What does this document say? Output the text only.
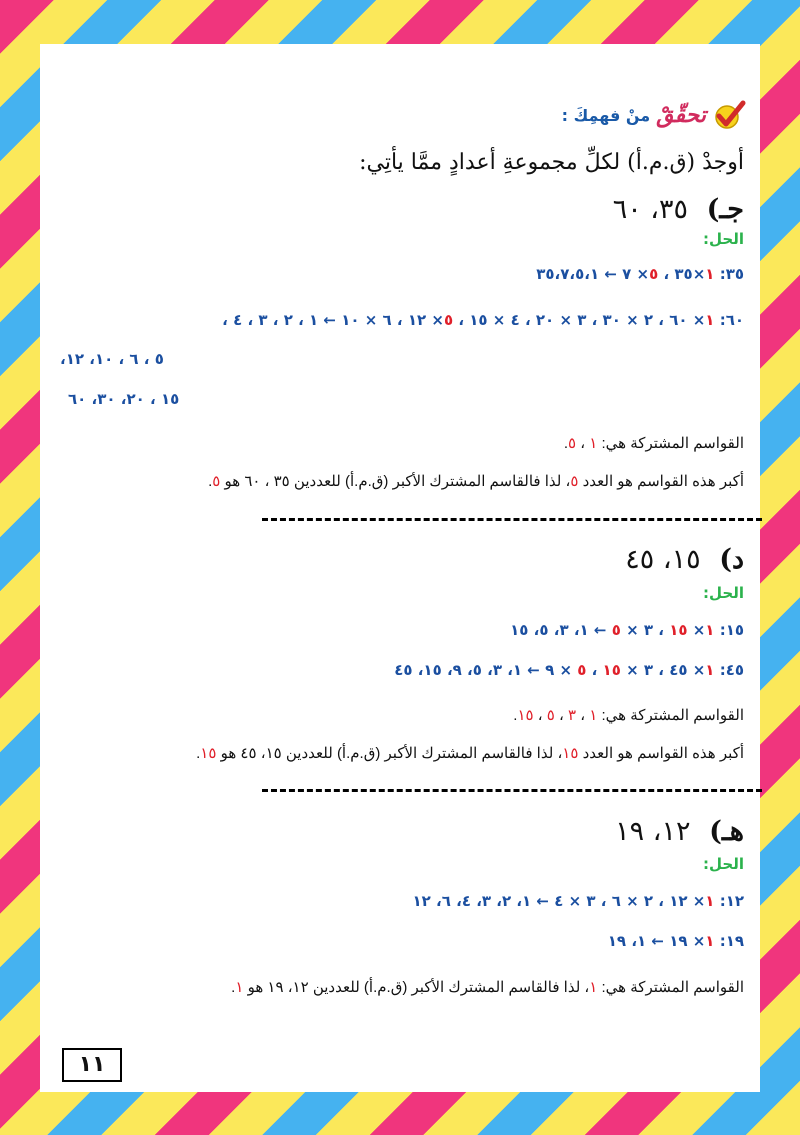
تحقّقْ
منْ فهمِكَ :
أوجدْ (ق.م.أ) لكلِّ مجموعةِ أعدادٍ ممَّا يأتِي:
جـ) ٣٥، ٦٠
الحل:
٣٥: ١×٣٥ ، ٥× ٧ ← ٣٥،٧،٥،١
٦٠: ١× ٦٠ ، ٢ × ٣٠ ، ٣ × ٢٠ ، ٤ × ١٥ ، ٥× ١٢ ، ٦ × ١٠ ← ١ ، ٢ ، ٣ ، ٤ ،
٥ ، ٦ ، ١٠، ١٢،
١٥ ، ٢٠، ٣٠، ٦٠
القواسم المشتركة هي: ١ ، ٥.
أكبر هذه القواسم هو العدد ٥، لذا فالقاسم المشترك الأكبر (ق.م.أ) للعددين ٣٥ ، ٦٠ هو ٥.
د) ١٥، ٤٥
الحل:
١٥: ١× ١٥ ، ٣ × ٥ ← ١، ٣، ٥، ١٥
٤٥: ١× ٤٥ ، ٣ × ١٥ ، ٥ × ٩ ← ١، ٣، ٥، ٩، ١٥، ٤٥
القواسم المشتركة هي: ١ ، ٣ ، ٥ ، ١٥.
أكبر هذه القواسم هو العدد ١٥، لذا فالقاسم المشترك الأكبر (ق.م.أ) للعددين ١٥، ٤٥ هو ١٥.
هـ) ١٢، ١٩
الحل:
١٢: ١× ١٢ ، ٢ × ٦ ، ٣ × ٤ ← ١، ٢، ٣، ٤، ٦، ١٢
١٩: ١× ١٩ ← ١، ١٩
القواسم المشتركة هي: ١، لذا فالقاسم المشترك الأكبر (ق.م.أ) للعددين ١٢، ١٩ هو ١.
١١
